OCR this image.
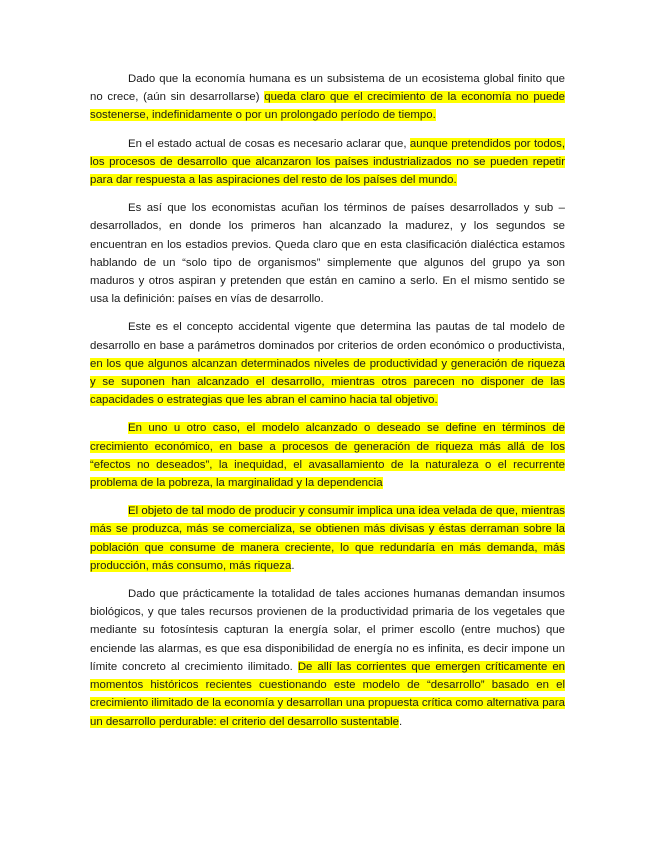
Dado que la economía humana es un subsistema de un ecosistema global finito que no crece, (aún sin desarrollarse) queda claro que el crecimiento de la economía no puede sostenerse, indefinidamente o por un prolongado período de tiempo.

En el estado actual de cosas es necesario aclarar que, aunque pretendidos por todos, los procesos de desarrollo que alcanzaron los países industrializados no se pueden repetir para dar respuesta a las aspiraciones del resto de los países del mundo.

Es así que los economistas acuñan los términos de países desarrollados y sub – desarrollados, en donde los primeros han alcanzado la madurez, y los segundos se encuentran en los estadios previos. Queda claro que en esta clasificación dialéctica estamos hablando de un “solo tipo de organismos” simplemente que algunos del grupo ya son maduros y otros aspiran y pretenden que están en camino a serlo. En el mismo sentido se usa la definición: países en vías de desarrollo.

Este es el concepto accidental vigente que determina las pautas de tal modelo de desarrollo en base a parámetros dominados por criterios de orden económico o productivista, en los que algunos alcanzan determinados niveles de productividad y generación de riqueza y se suponen han alcanzado el desarrollo, mientras otros parecen no disponer de las capacidades o estrategias que les abran el camino hacia tal objetivo.

En uno u otro caso, el modelo alcanzado o deseado se define en términos de crecimiento económico, en base a procesos de generación de riqueza más allá de los “efectos no deseados”, la inequidad, el avasallamiento de la naturaleza o el recurrente problema de la pobreza, la marginalidad y la dependencia

El objeto de tal modo de producir y consumir implica una idea velada de que, mientras más se produzca, más se comercializa, se obtienen más divisas y éstas derraman sobre la población que consume de manera creciente, lo que redundaría en más demanda, más producción, más consumo, más riqueza.

Dado que prácticamente la totalidad de tales acciones humanas demandan insumos biológicos, y que tales recursos provienen de la productividad primaria de los vegetales que mediante su fotosíntesis capturan la energía solar, el primer escollo (entre muchos) que enciende las alarmas, es que esa disponibilidad de energía no es infinita, es decir impone un límite concreto al crecimiento ilimitado. De allí las corrientes que emergen críticamente en momentos históricos recientes cuestionando este modelo de “desarrollo” basado en el crecimiento ilimitado de la economía y desarrollan una propuesta crítica como alternativa para un desarrollo perdurable: el criterio del desarrollo sustentable.
